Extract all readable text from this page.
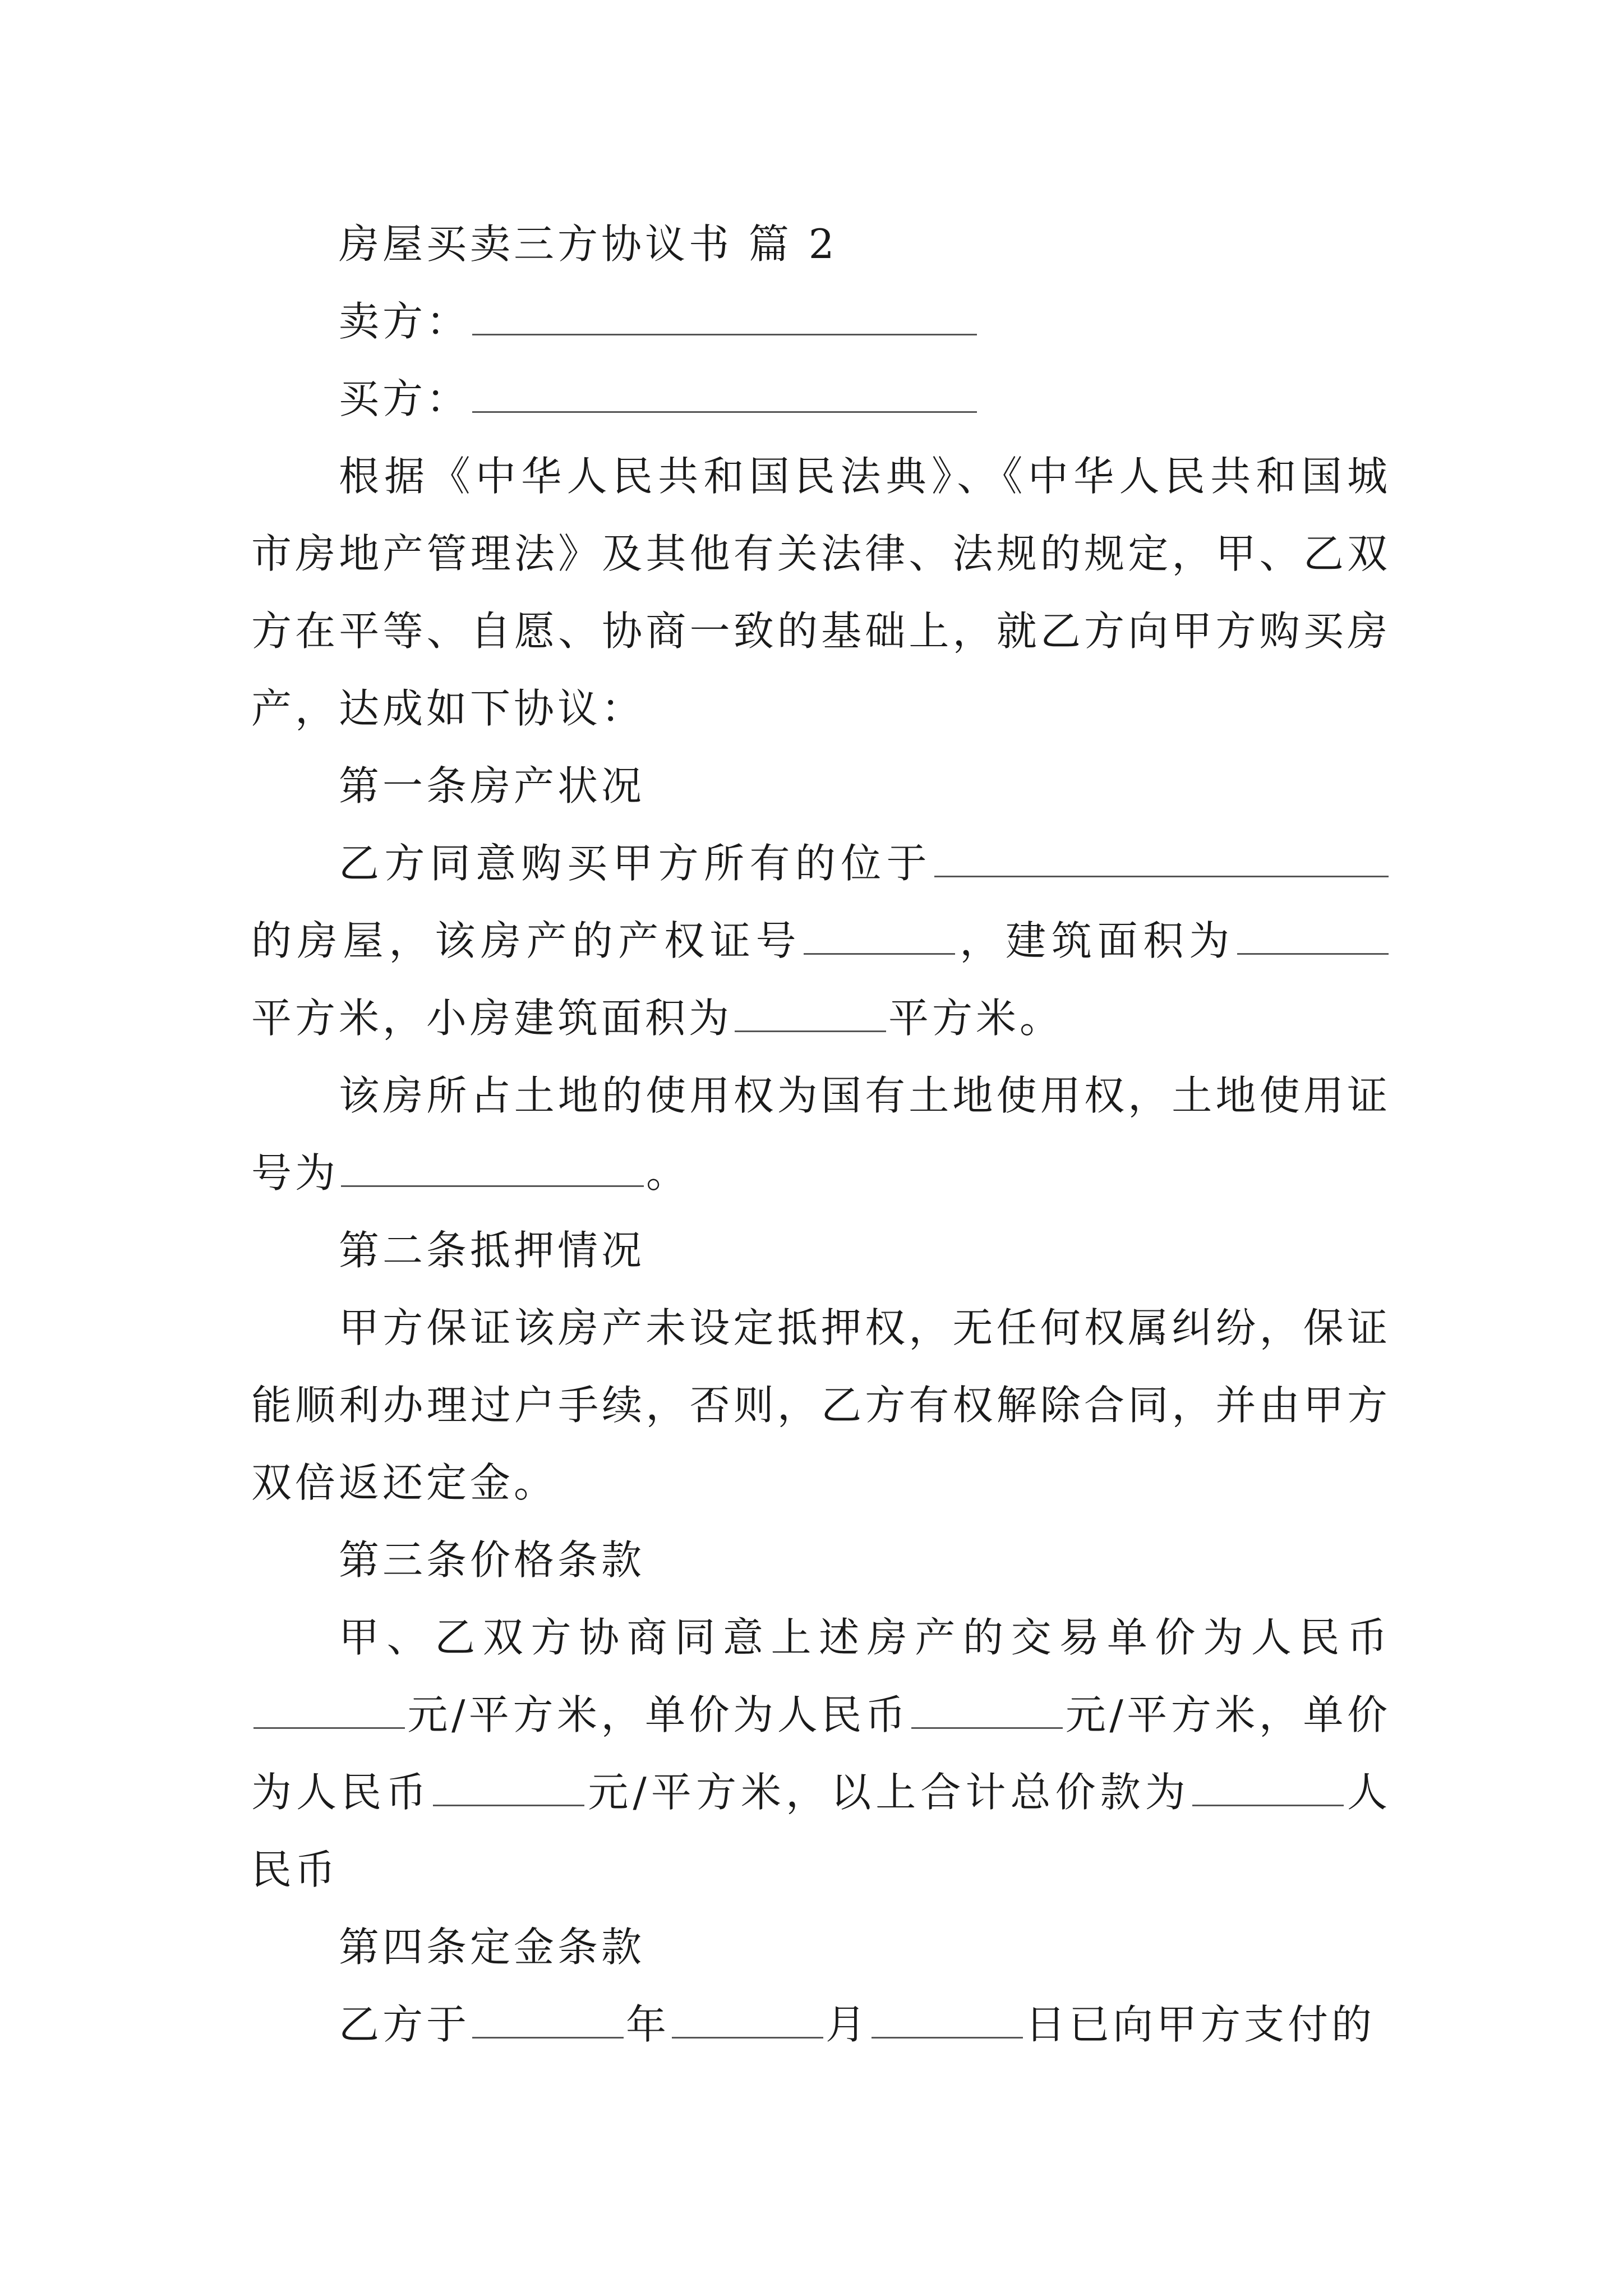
房屋买卖三方协议书 篇 2
卖方：
买方：
根据《中华人民共和国民法典》、《中华人民共和国城市房地产管理法》及其他有关法律、法规的规定，甲、乙双方在平等、自愿、协商一致的基础上，就乙方向甲方购买房产，达成如下协议：
第一条房产状况
乙方同意购买甲方所有的位于的房屋，该房产的产权证号	，建筑面积为平方米，小房建筑面积为	平方米。
该房所占土地的使用权为国有土地使用权，土地使用证号为	。
第二条抵押情况
甲方保证该房产未设定抵押权，无任何权属纠纷，保证能顺利办理过户手续，否则，乙方有权解除合同，并由甲方双倍返还定金。
第三条价格条款
甲、乙双方协商同意上述房产的交易单价为人民币元/平方米，单价为人民币	元/平方米，单价为人民币	元/平方米，以上合计总价款为	人民币
第四条定金条款
乙方于	年	月	日已向甲方支付的
